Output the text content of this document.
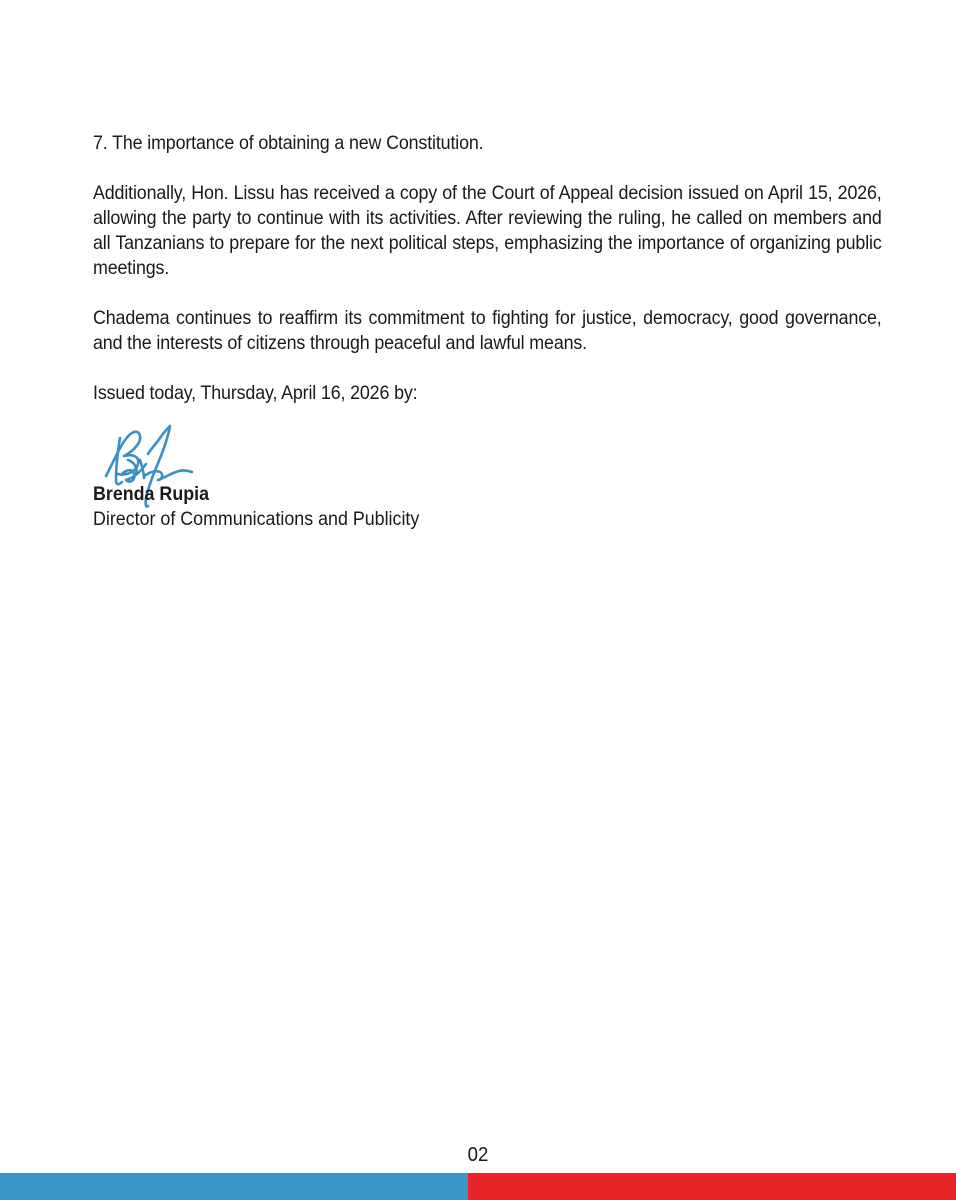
7. The importance of obtaining a new Constitution.

Additionally, Hon. Lissu has received a copy of the Court of Appeal decision issued on April 15, 2026, allowing the party to continue with its activities. After reviewing the ruling, he called on members and all Tanzanians to prepare for the next political steps, emphasizing the importance of organizing public meetings.

Chadema continues to reaffirm its commitment to fighting for justice, democracy, good governance, and the interests of citizens through peaceful and lawful means.

Issued today, Thursday, April 16, 2026 by:

Brenda Rupia
Director of Communications and Publicity
02
